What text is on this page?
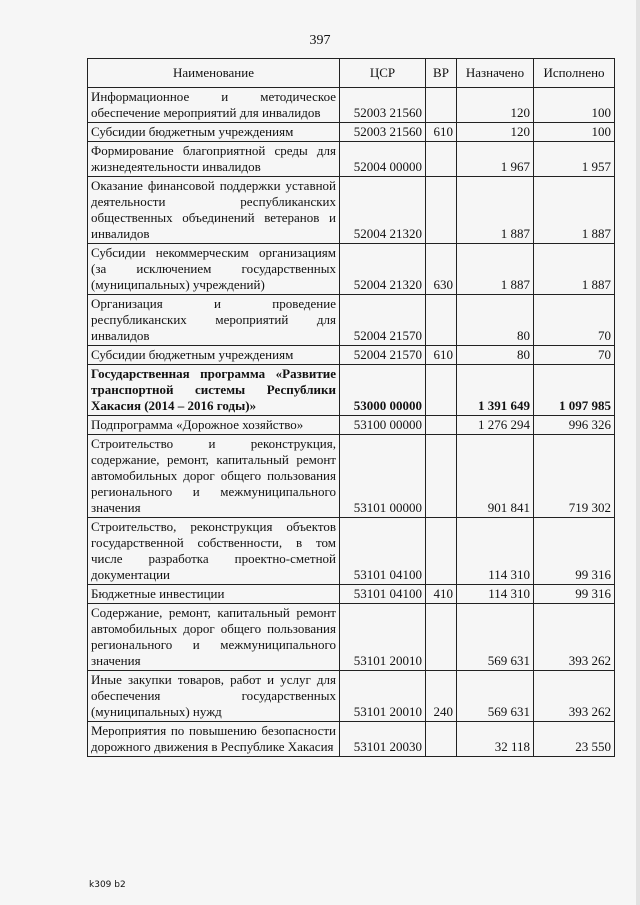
397
Наименование	ЦСР	ВР	Назначено	Исполнено
Информационное и методическое обеспечение мероприятий для инвалидов	52003 21560		120	100
Субсидии бюджетным учреждениям	52003 21560	610	120	100
Формирование благоприятной среды для жизнедеятельности инвалидов	52004 00000		1 967	1 957
Оказание финансовой поддержки уставной деятельности республиканских общественных объединений ветеранов и инвалидов	52004 21320		1 887	1 887
Субсидии некоммерческим организациям (за исключением государственных (муниципальных) учреждений)	52004 21320	630	1 887	1 887
Организация и проведение республиканских мероприятий для инвалидов	52004 21570		80	70
Субсидии бюджетным учреждениям	52004 21570	610	80	70
Государственная программа «Развитие транспортной системы Республики Хакасия (2014 – 2016 годы)»	53000 00000		1 391 649	1 097 985
Подпрограмма «Дорожное хозяйство»	53100 00000		1 276 294	996 326
Строительство и реконструкция, содержание, ремонт, капитальный ремонт автомобильных дорог общего пользования регионального и межмуниципального значения	53101 00000		901 841	719 302
Строительство, реконструкция объектов государственной собственности, в том числе разработка проектно-сметной документации	53101 04100		114 310	99 316
Бюджетные инвестиции	53101 04100	410	114 310	99 316
Содержание, ремонт, капитальный ремонт автомобильных дорог общего пользования регионального и межмуниципального значения	53101 20010		569 631	393 262
Иные закупки товаров, работ и услуг для обеспечения государственных (муниципальных) нужд	53101 20010	240	569 631	393 262
Мероприятия по повышению безопасности дорожного движения в Республике Хакасия	53101 20030		32 118	23 550
k309 b2
